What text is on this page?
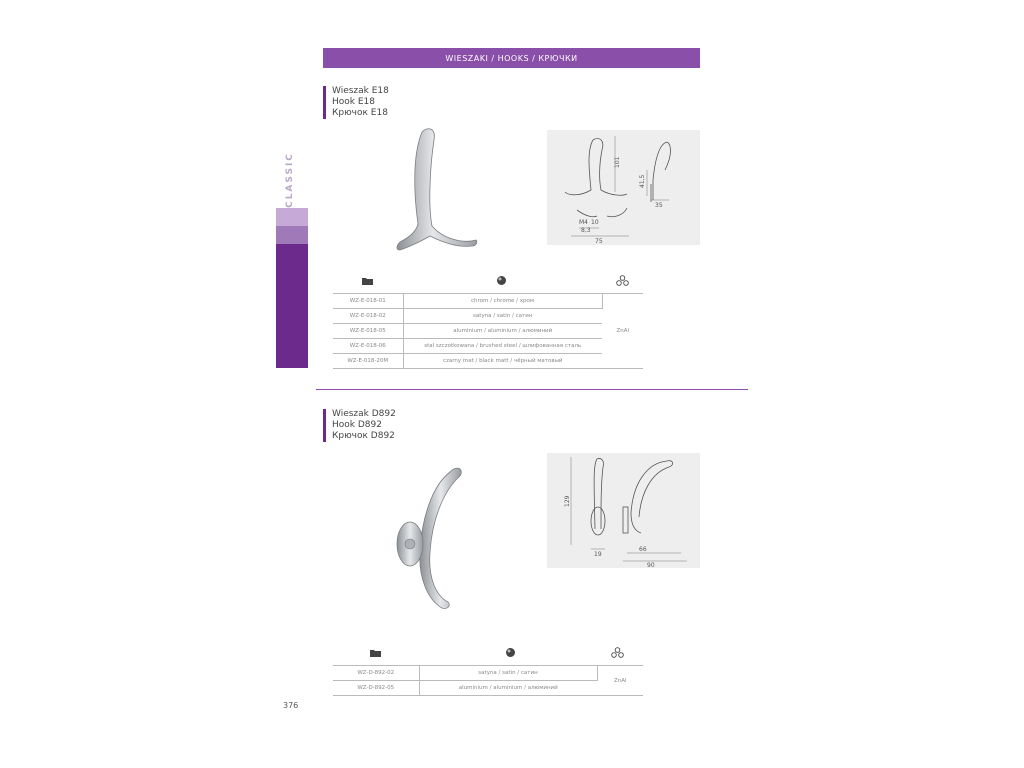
WIESZAKI / HOOKS / КРЮЧКИ
CLASSIC
Wieszak E18
Hook E18
Крючок E18
101
41,5
35
75
M4 10
8,3
WZ-E-018-01	chrom / chrome / хром	ZnAl
WZ-E-018-02	satyna / satin / сатин	
WZ-E-018-05	aluminium / aluminium / алюминий	
WZ-E-018-06	stal szczotkowana / brushed steel / шлифованная сталь	
WZ-E-018-20M	czarny mat / black matt / чёрный матовый	
Wieszak D892
Hook D892
Крючок D892
129
19
66
90
WZ-D-892-02	satyna / satin / сатин	ZnAl
WZ-D-892-05	aluminium / aluminium / алюминий	
376
